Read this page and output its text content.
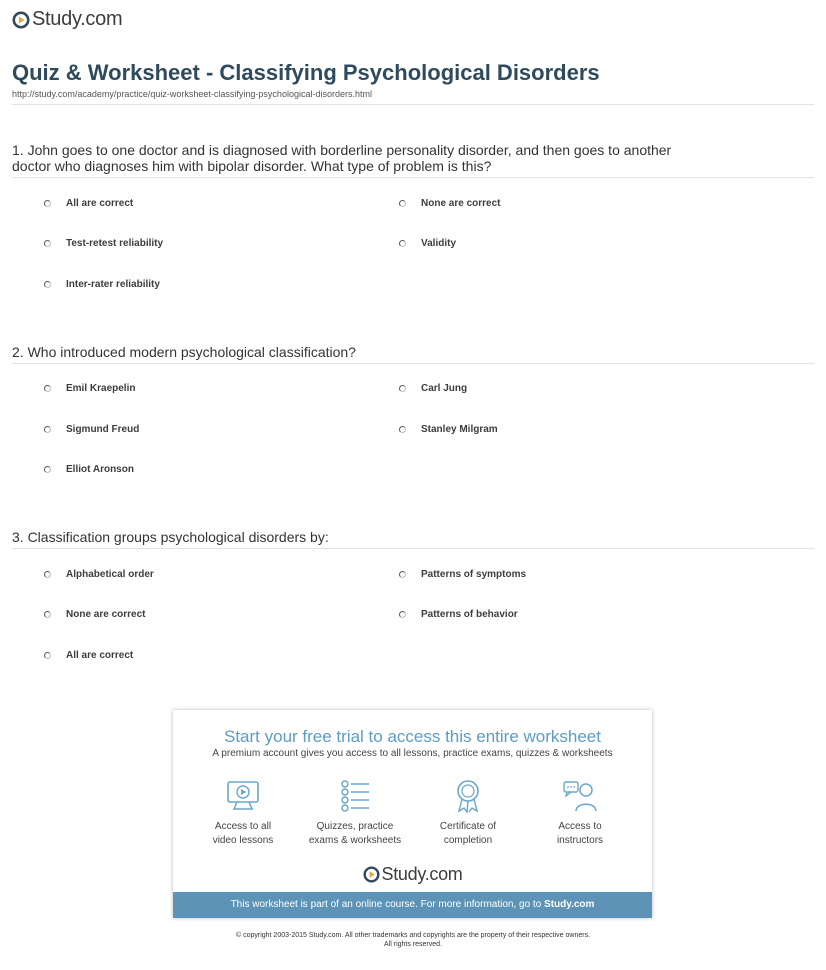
Study.com
Quiz & Worksheet - Classifying Psychological Disorders
http://study.com/academy/practice/quiz-worksheet-classifying-psychological-disorders.html
1. John goes to one doctor and is diagnosed with borderline personality disorder, and then goes to another doctor who diagnoses him with bipolar disorder. What type of problem is this?
All are correct	None are correct
Test-retest reliability	Validity
Inter-rater reliability
2. Who introduced modern psychological classification?
Emil Kraepelin	Carl Jung
Sigmund Freud	Stanley Milgram
Elliot Aronson
3. Classification groups psychological disorders by:
Alphabetical order	Patterns of symptoms
None are correct	Patterns of behavior
All are correct
Start your free trial to access this entire worksheet
A premium account gives you access to all lessons, practice exams, quizzes & worksheets
Access to all
video lessons
Quizzes, practice
exams & worksheets
Certificate of
completion
Access to
instructors
Study.com
This worksheet is part of an online course. For more information, go to Study.com
© copyright 2003-2015 Study.com. All other trademarks and copyrights are the property of their respective owners.
All rights reserved.
